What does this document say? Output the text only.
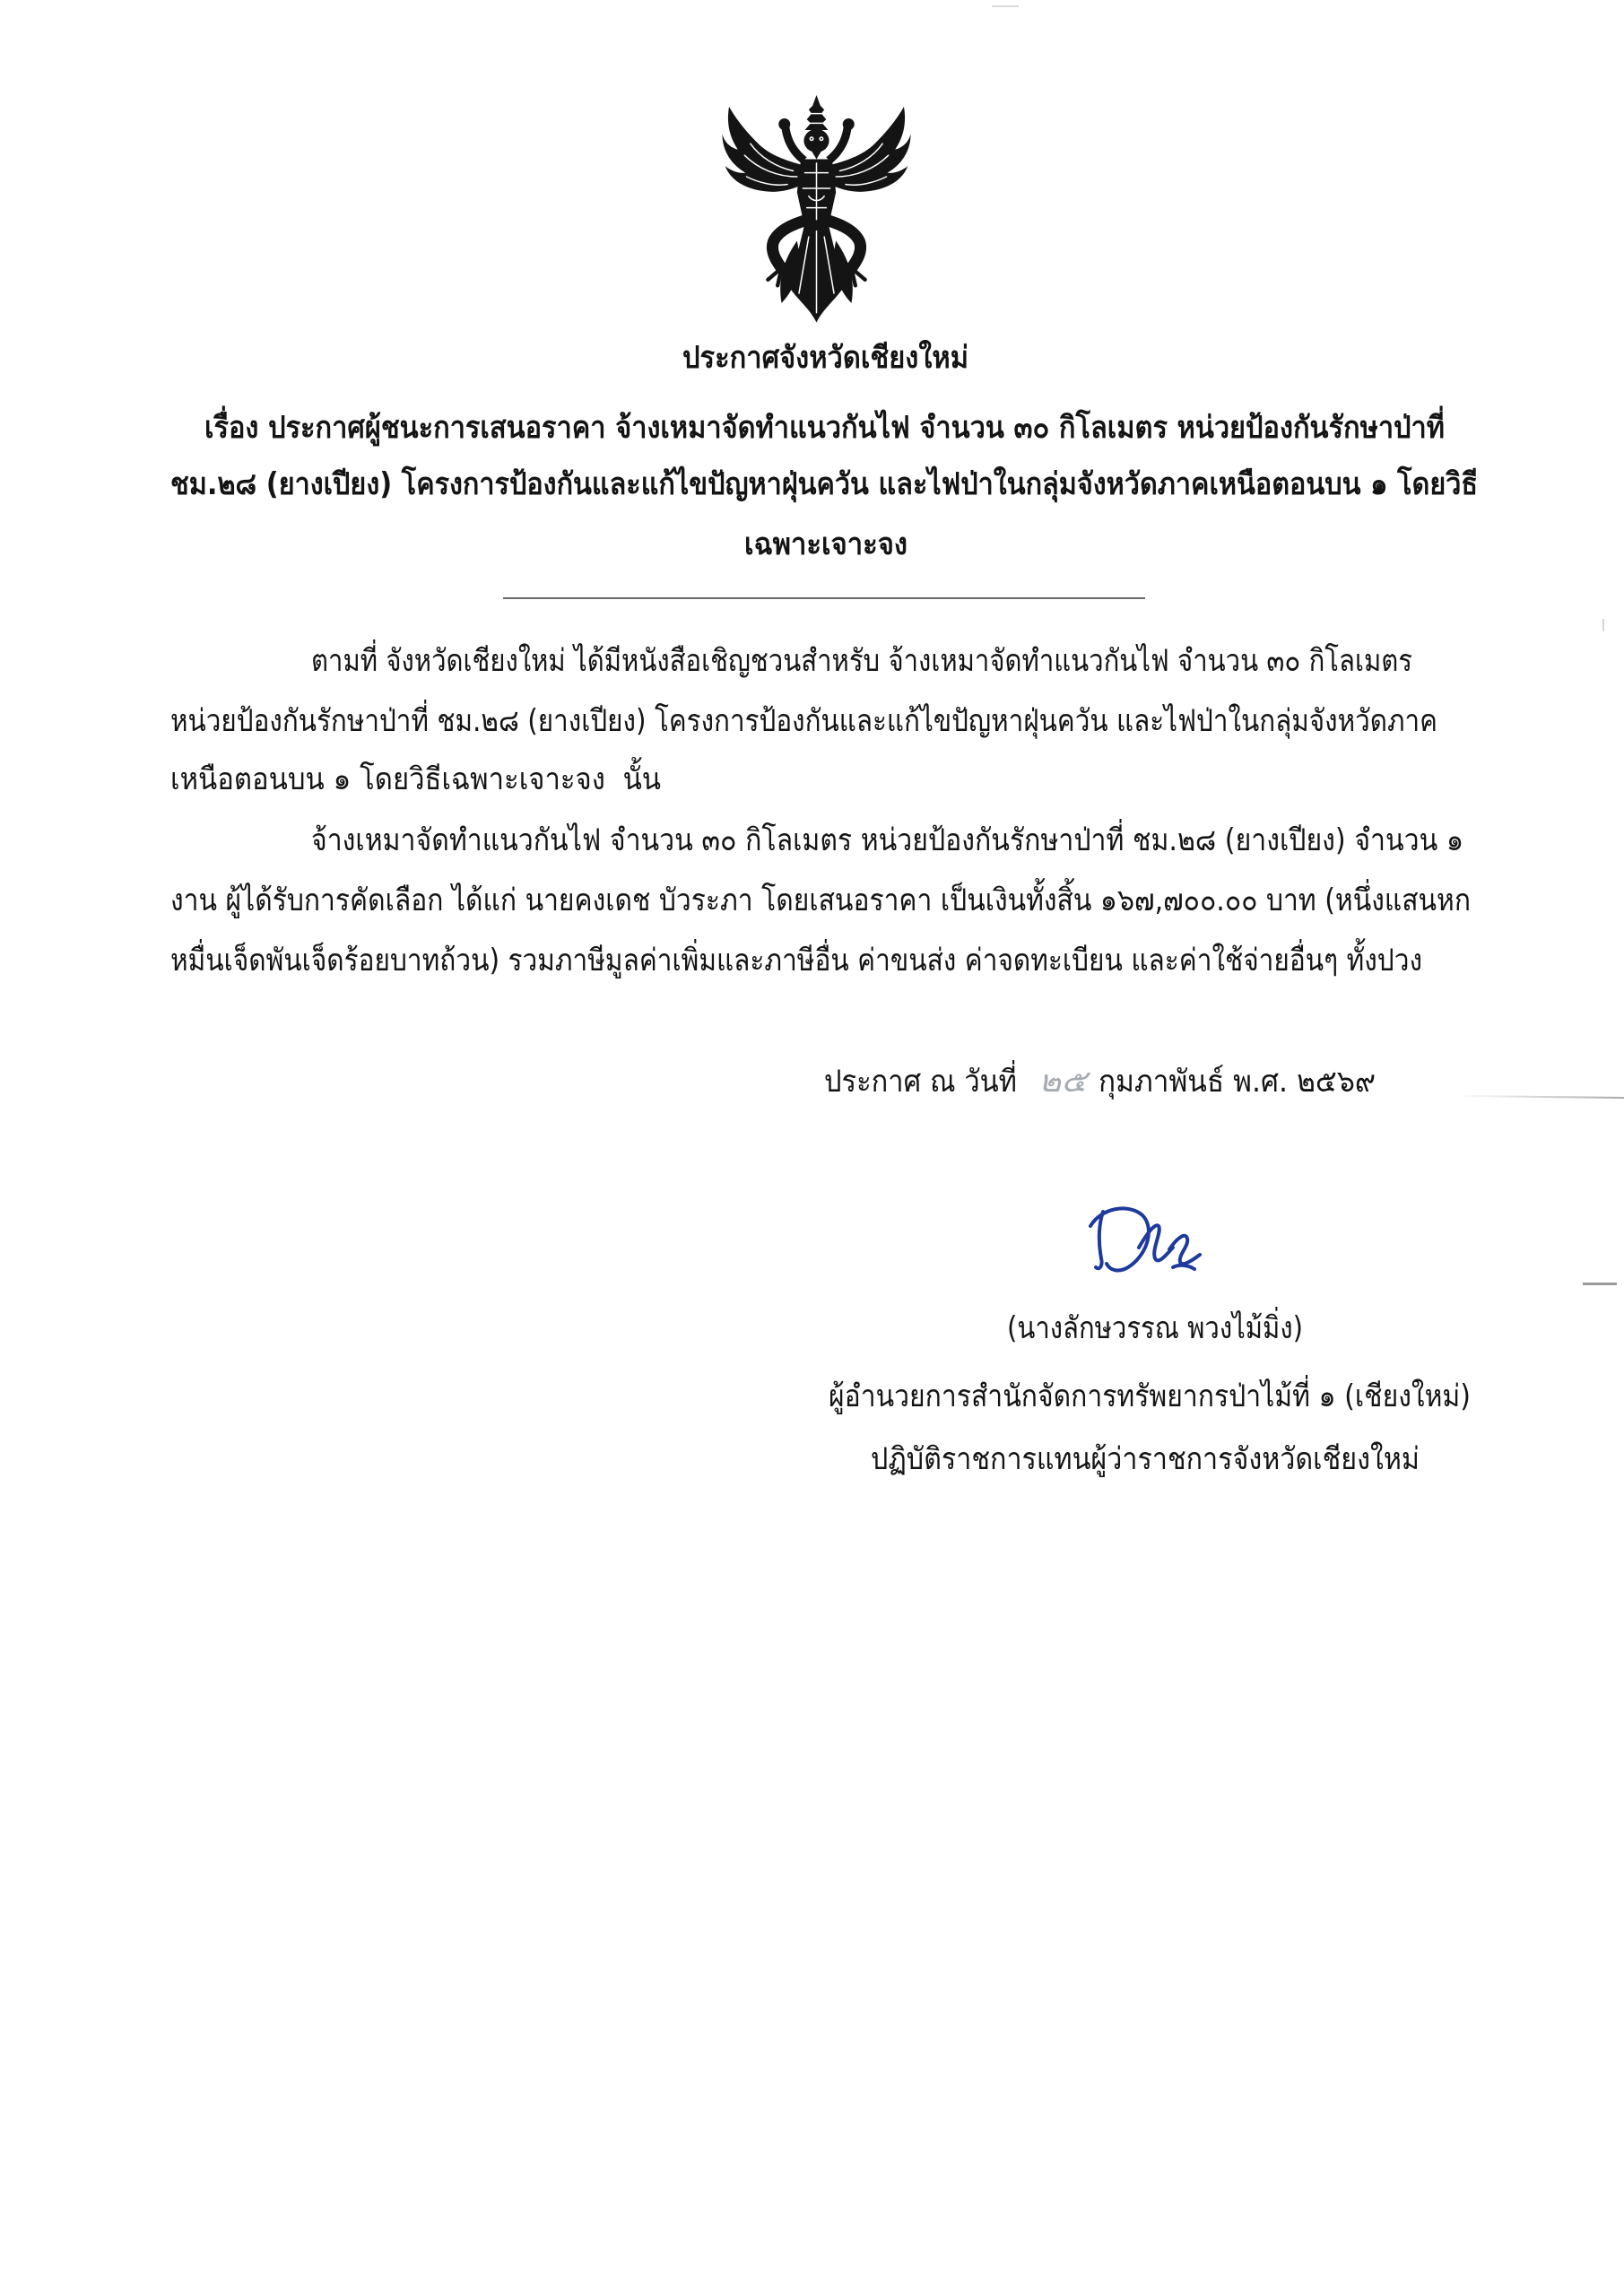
ประกาศจังหวัดเชียงใหม่
เรื่อง ประกาศผู้ชนะการเสนอราคา จ้างเหมาจัดทำแนวกันไฟ จำนวน ๓๐ กิโลเมตร หน่วยป้องกันรักษาป่าที่
ชม.๒๘ (ยางเปียง) โครงการป้องกันและแก้ไขปัญหาฝุ่นควัน และไฟป่าในกลุ่มจังหวัดภาคเหนือตอนบน ๑ โดยวิธี
เฉพาะเจาะจง
ตามที่ จังหวัดเชียงใหม่ ได้มีหนังสือเชิญชวนสำหรับ จ้างเหมาจัดทำแนวกันไฟ จำนวน ๓๐ กิโลเมตร
หน่วยป้องกันรักษาป่าที่ ชม.๒๘ (ยางเปียง) โครงการป้องกันและแก้ไขปัญหาฝุ่นควัน และไฟป่าในกลุ่มจังหวัดภาค
เหนือตอนบน ๑ โดยวิธีเฉพาะเจาะจง  นั้น
จ้างเหมาจัดทำแนวกันไฟ จำนวน ๓๐ กิโลเมตร หน่วยป้องกันรักษาป่าที่ ชม.๒๘ (ยางเปียง) จำนวน ๑
งาน ผู้ได้รับการคัดเลือก ได้แก่ นายคงเดช บัวระภา โดยเสนอราคา เป็นเงินทั้งสิ้น ๑๖๗,๗๐๐.๐๐ บาท (หนึ่งแสนหก
หมื่นเจ็ดพันเจ็ดร้อยบาทถ้วน) รวมภาษีมูลค่าเพิ่มและภาษีอื่น ค่าขนส่ง ค่าจดทะเบียน และค่าใช้จ่ายอื่นๆ ทั้งปวง
ประกาศ ณ วันที่ ๒๕ กุมภาพันธ์ พ.ศ. ๒๕๖๙
(นางลักษวรรณ พวงไม้มิ่ง)
ผู้อำนวยการสำนักจัดการทรัพยากรป่าไม้ที่ ๑ (เชียงใหม่)
ปฏิบัติราชการแทนผู้ว่าราชการจังหวัดเชียงใหม่
